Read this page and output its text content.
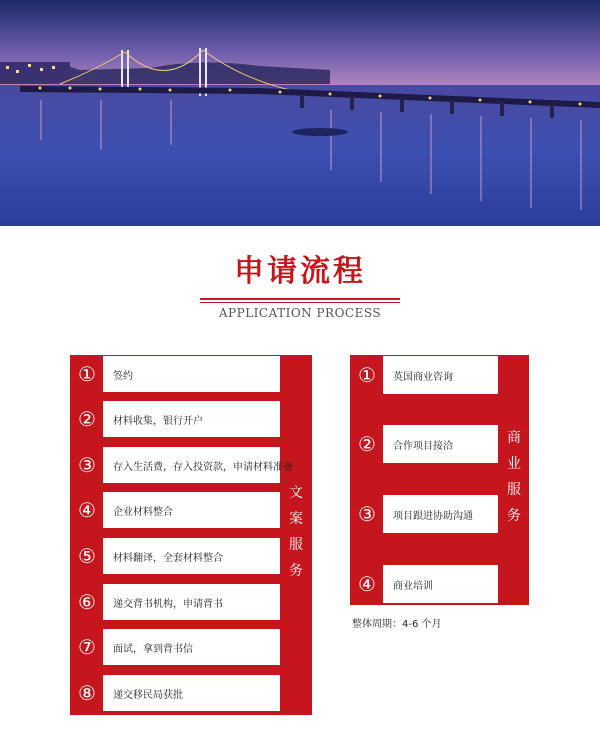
申请流程
APPLICATION PROCESS
① 签约
② 材料收集，银行开户
③ 存入生活费，存入投资款，申请材料准备
④ 企业材料整合
⑤ 材料翻译，全套材料整合
⑥ 递交背书机构，申请背书
⑦ 面试，拿到背书信
⑧ 递交移民局获批
文
案
服
务
① 英国商业咨询
② 合作项目接洽
③ 项目跟进协助沟通
④ 商业培训
商
业
服
务
整体周期：4-6 个月
